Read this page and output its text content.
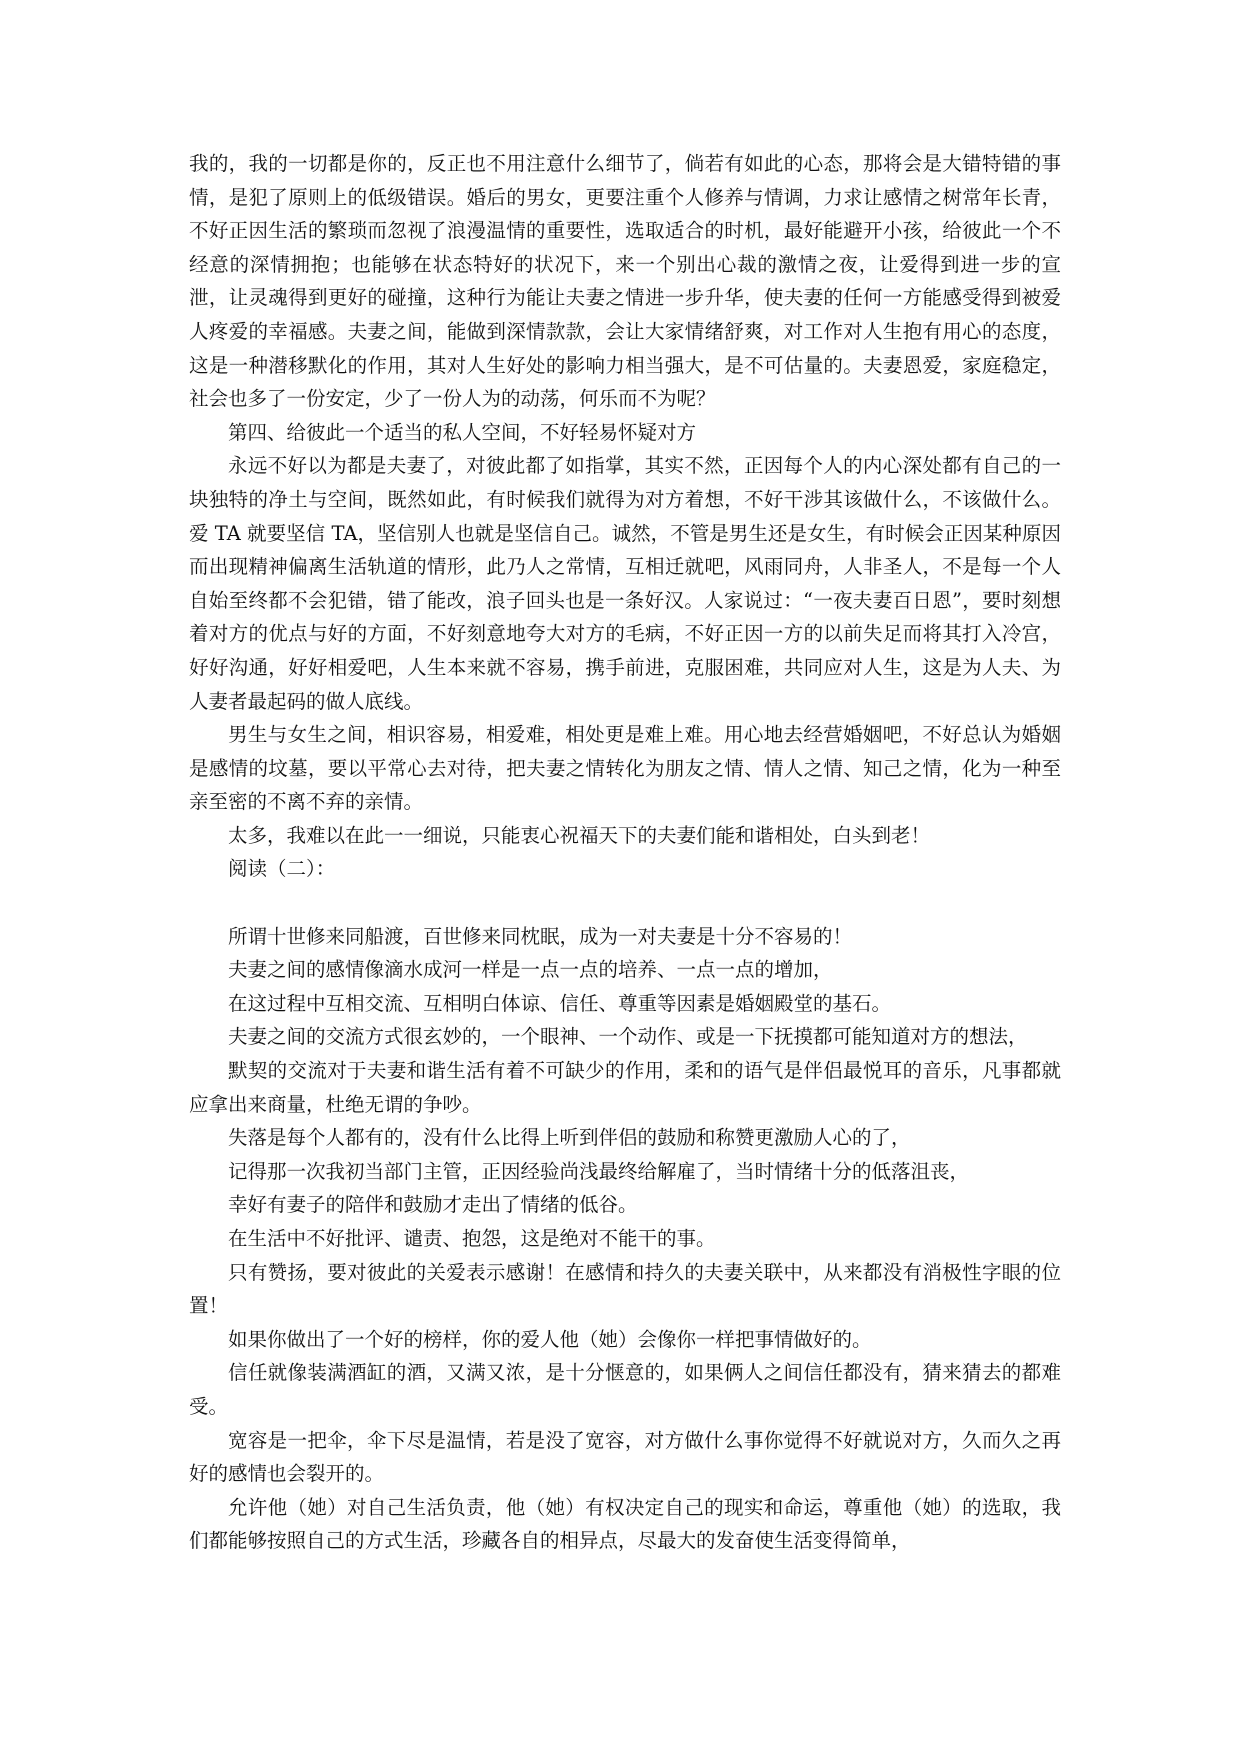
我的，我的一切都是你的，反正也不用注意什么细节了，倘若有如此的心态，那将会是大错特错的事情，是犯了原则上的低级错误。婚后的男女，更要注重个人修养与情调，力求让感情之树常年长青，不好正因生活的繁琐而忽视了浪漫温情的重要性，选取适合的时机，最好能避开小孩，给彼此一个不经意的深情拥抱；也能够在状态特好的状况下，来一个别出心裁的激情之夜，让爱得到进一步的宣泄，让灵魂得到更好的碰撞，这种行为能让夫妻之情进一步升华，使夫妻的任何一方能感受得到被爱人疼爱的幸福感。夫妻之间，能做到深情款款，会让大家情绪舒爽，对工作对人生抱有用心的态度，这是一种潜移默化的作用，其对人生好处的影响力相当强大，是不可估量的。夫妻恩爱，家庭稳定，社会也多了一份安定，少了一份人为的动荡，何乐而不为呢？

第四、给彼此一个适当的私人空间，不好轻易怀疑对方

永远不好以为都是夫妻了，对彼此都了如指掌，其实不然，正因每个人的内心深处都有自己的一块独特的净土与空间，既然如此，有时候我们就得为对方着想，不好干涉其该做什么，不该做什么。爱 TA 就要坚信 TA，坚信别人也就是坚信自己。诚然，不管是男生还是女生，有时候会正因某种原因而出现精神偏离生活轨道的情形，此乃人之常情，互相迁就吧，风雨同舟，人非圣人，不是每一个人自始至终都不会犯错，错了能改，浪子回头也是一条好汉。人家说过：“一夜夫妻百日恩”，要时刻想着对方的优点与好的方面，不好刻意地夸大对方的毛病，不好正因一方的以前失足而将其打入冷宫，好好沟通，好好相爱吧，人生本来就不容易，携手前进，克服困难，共同应对人生，这是为人夫、为人妻者最起码的做人底线。

男生与女生之间，相识容易，相爱难，相处更是难上难。用心地去经营婚姻吧，不好总认为婚姻是感情的坟墓，要以平常心去对待，把夫妻之情转化为朋友之情、情人之情、知己之情，化为一种至亲至密的不离不弃的亲情。

太多，我难以在此一一细说，只能衷心祝福天下的夫妻们能和谐相处，白头到老！

阅读（二）：

所谓十世修来同船渡，百世修来同枕眠，成为一对夫妻是十分不容易的！

夫妻之间的感情像滴水成河一样是一点一点的培养、一点一点的增加，

在这过程中互相交流、互相明白体谅、信任、尊重等因素是婚姻殿堂的基石。

夫妻之间的交流方式很玄妙的，一个眼神、一个动作、或是一下抚摸都可能知道对方的想法，

默契的交流对于夫妻和谐生活有着不可缺少的作用，柔和的语气是伴侣最悦耳的音乐，凡事都就应拿出来商量，杜绝无谓的争吵。

失落是每个人都有的，没有什么比得上听到伴侣的鼓励和称赞更激励人心的了，

记得那一次我初当部门主管，正因经验尚浅最终给解雇了，当时情绪十分的低落沮丧，

幸好有妻子的陪伴和鼓励才走出了情绪的低谷。

在生活中不好批评、谴责、抱怨，这是绝对不能干的事。

只有赞扬，要对彼此的关爱表示感谢！在感情和持久的夫妻关联中，从来都没有消极性字眼的位置！

如果你做出了一个好的榜样，你的爱人他（她）会像你一样把事情做好的。

信任就像装满酒缸的酒，又满又浓，是十分惬意的，如果俩人之间信任都没有，猜来猜去的都难受。

宽容是一把伞，伞下尽是温情，若是没了宽容，对方做什么事你觉得不好就说对方，久而久之再好的感情也会裂开的。

允许他（她）对自己生活负责，他（她）有权决定自己的现实和命运，尊重他（她）的选取，我们都能够按照自己的方式生活，珍藏各自的相异点，尽最大的发奋使生活变得简单，
